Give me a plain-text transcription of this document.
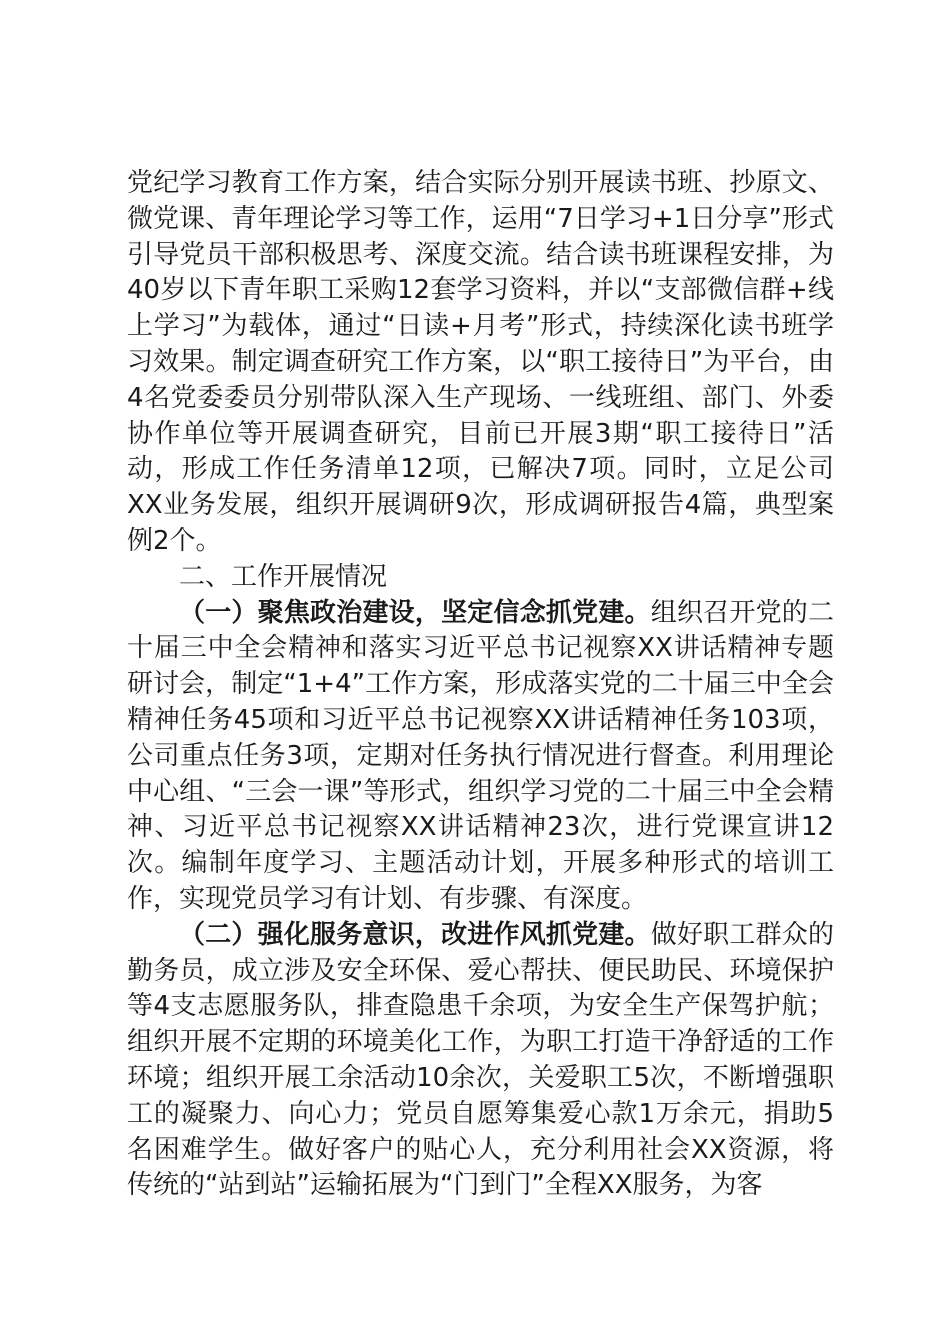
党纪学习教育工作方案，结合实际分别开展读书班、抄原文、微党课、青年理论学习等工作，运用“7日学习+1日分享”形式引导党员干部积极思考、深度交流。结合读书班课程安排，为40岁以下青年职工采购12套学习资料，并以“支部微信群+线上学习”为载体，通过“日读+月考”形式，持续深化读书班学习效果。制定调查研究工作方案，以“职工接待日”为平台，由4名党委委员分别带队深入生产现场、一线班组、部门、外委协作单位等开展调查研究，目前已开展3期“职工接待日”活动，形成工作任务清单12项，已解决7项。同时，立足公司XX业务发展，组织开展调研9次，形成调研报告4篇，典型案例2个。

二、工作开展情况

（一）聚焦政治建设，坚定信念抓党建。组织召开党的二十届三中全会精神和落实习近平总书记视察XX讲话精神专题研讨会，制定“1+4”工作方案，形成落实党的二十届三中全会精神任务45项和习近平总书记视察XX讲话精神任务103项，公司重点任务3项，定期对任务执行情况进行督查。利用理论中心组、“三会一课”等形式，组织学习党的二十届三中全会精神、习近平总书记视察XX讲话精神23次，进行党课宣讲12次。编制年度学习、主题活动计划，开展多种形式的培训工作，实现党员学习有计划、有步骤、有深度。

（二）强化服务意识，改进作风抓党建。做好职工群众的勤务员，成立涉及安全环保、爱心帮扶、便民助民、环境保护等4支志愿服务队，排查隐患千余项，为安全生产保驾护航；组织开展不定期的环境美化工作，为职工打造干净舒适的工作环境；组织开展工余活动10余次，关爱职工5次，不断增强职工的凝聚力、向心力；党员自愿筹集爱心款1万余元，捐助5名困难学生。做好客户的贴心人，充分利用社会XX资源，将传统的“站到站”运输拓展为“门到门”全程XX服务，为客
